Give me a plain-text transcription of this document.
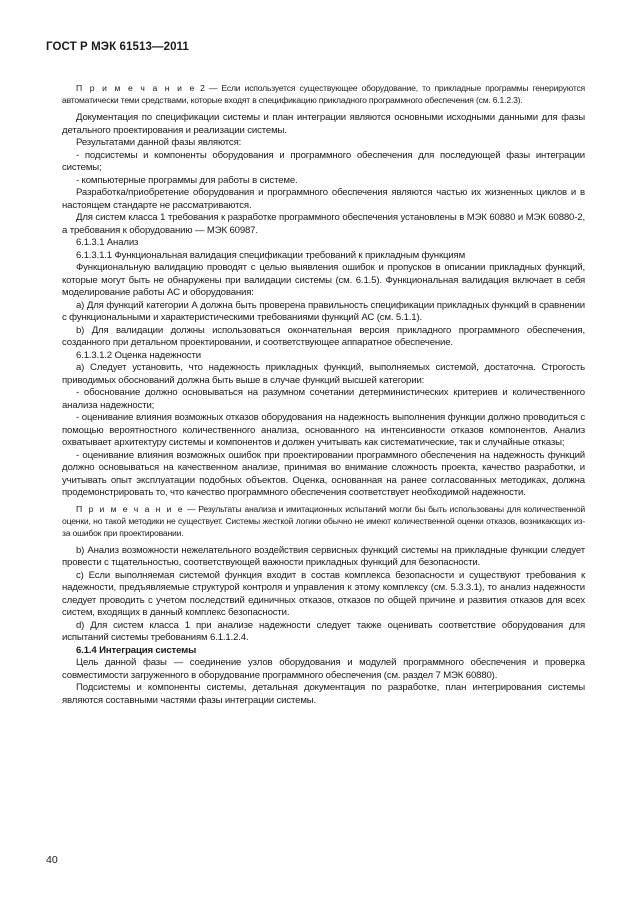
ГОСТ Р МЭК 61513—2011

П р и м е ч а н и е 2 — Если используется существующее оборудование, то прикладные программы генерируются автоматически теми средствами, которые входят в спецификацию прикладного программного обеспечения (см. 6.1.2.3).

Документация по спецификации системы и план интеграции являются основными исходными данными для фазы детального проектирования и реализации системы.

Результатами данной фазы являются:

- подсистемы и компоненты оборудования и программного обеспечения для последующей фазы интеграции системы;

- компьютерные программы для работы в системе.

Разработка/приобретение оборудования и программного обеспечения являются частью их жизненных циклов и в настоящем стандарте не рассматриваются.

Для систем класса 1 требования к разработке программного обеспечения установлены в МЭК 60880 и МЭК 60880-2, а требования к оборудованию — МЭК 60987.

6.1.3.1 Анализ

6.1.3.1.1 Функциональная валидация спецификации требований к прикладным функциям

Функциональную валидацию проводят с целью выявления ошибок и пропусков в описании прикладных функций, которые могут быть не обнаружены при валидации системы (см. 6.1.5). Функциональная валидация включает в себя моделирование работы АС и оборудования:

а) Для функций категории А должна быть проверена правильность спецификации прикладных функций в сравнении с функциональными и характеристическими требованиями функций АС (см. 5.1.1).

b) Для валидации должны использоваться окончательная версия прикладного программного обеспечения, созданного при детальном проектировании, и соответствующее аппаратное обеспечение.

6.1.3.1.2 Оценка надежности

а) Следует установить, что надежность прикладных функций, выполняемых системой, достаточна. Строгость приводимых обоснований должна быть выше в случае функций высшей категории:

- обоснование должно основываться на разумном сочетании детерминистических критериев и количественного анализа надежности;

- оценивание влияния возможных отказов оборудования на надежность выполнения функции должно проводиться с помощью вероятностного количественного анализа, основанного на интенсивности отказов компонентов. Анализ охватывает архитектуру системы и компонентов и должен учитывать как систематические, так и случайные отказы;

- оценивание влияния возможных ошибок при проектировании программного обеспечения на надежность функций должно основываться на качественном анализе, принимая во внимание сложность проекта, качество разработки, и учитывать опыт эксплуатации подобных объектов. Оценка, основанная на ранее согласованных методиках, должна продемонстрировать то, что качество программного обеспечения соответствует необходимой надежности.

П р и м е ч а н и е — Результаты анализа и имитационных испытаний могли бы быть использованы для количественной оценки, но такой методики не существует. Системы жесткой логики обычно не имеют количественной оценки отказов, возникающих из-за ошибок при проектировании.

b) Анализ возможности нежелательного воздействия сервисных функций системы на прикладные функции следует провести с тщательностью, соответствующей важности прикладных функций для безопасности.

с) Если выполняемая системой функция входит в состав комплекса безопасности и существуют требования к надежности, предъявляемые структурой контроля и управления к этому комплексу (см. 5.3.3.1), то анализ надежности следует проводить с учетом последствий единичных отказов, отказов по общей причине и развития отказов для всех систем, входящих в данный комплекс безопасности.

d) Для систем класса 1 при анализе надежности следует также оценивать соответствие оборудования для испытаний системы требованиям 6.1.1.2.4.

6.1.4 Интеграция системы

Цель данной фазы — соединение узлов оборудования и модулей программного обеспечения и проверка совместимости загруженного в оборудование программного обеспечения (см. раздел 7 МЭК 60880).

Подсистемы и компоненты системы, детальная документация по разработке, план интегрирования системы являются составными частями фазы интеграции системы.

40
